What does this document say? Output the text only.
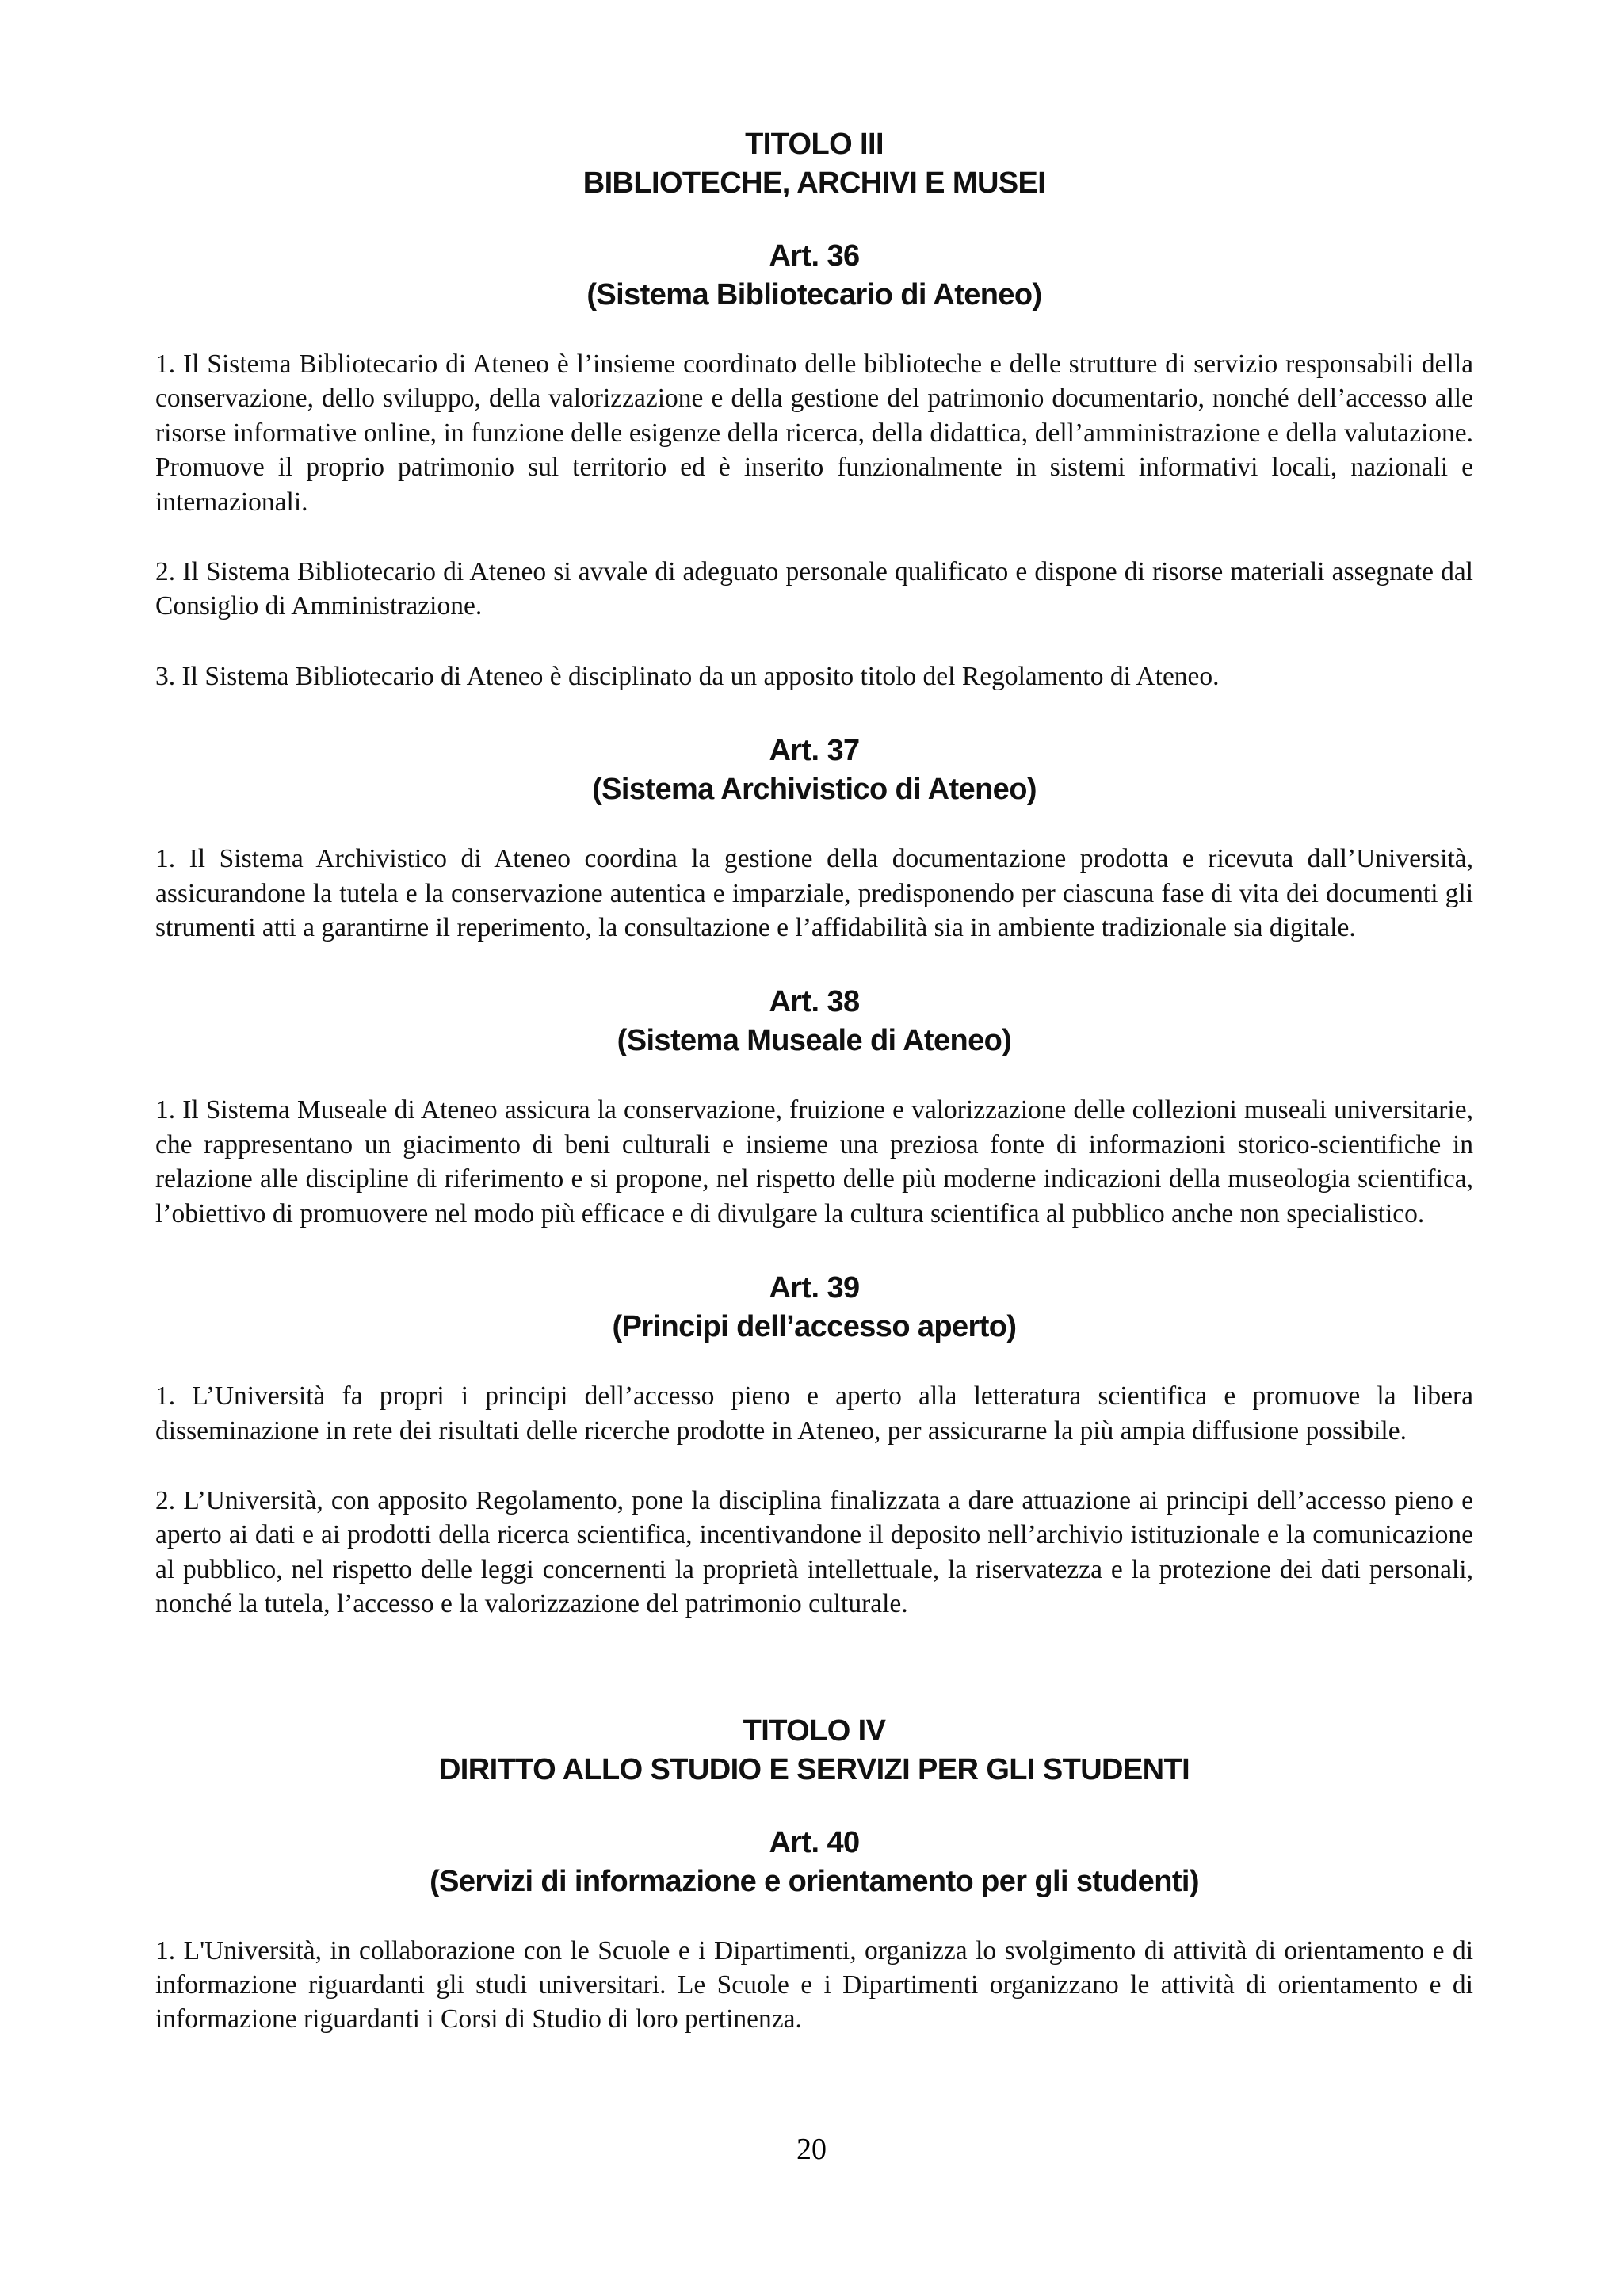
TITOLO III

BIBLIOTECHE, ARCHIVI E MUSEI

Art. 36

(Sistema Bibliotecario di Ateneo)

1. Il Sistema Bibliotecario di Ateneo è l’insieme coordinato delle biblioteche e delle strutture di servizio responsabili della conservazione, dello sviluppo, della valorizzazione e della gestione del patrimonio documentario, nonché dell’accesso alle risorse informative online, in funzione delle esigenze della ricerca, della didattica, dell’amministrazione e della valutazione. Promuove il proprio patrimonio sul territorio ed è inserito funzionalmente in sistemi informativi locali, nazionali e internazionali.

2. Il Sistema Bibliotecario di Ateneo si avvale di adeguato personale qualificato e dispone di risorse materiali assegnate dal Consiglio di Amministrazione.

3. Il Sistema Bibliotecario di Ateneo è disciplinato da un apposito titolo del Regolamento di Ateneo.

Art. 37

(Sistema Archivistico di Ateneo)

1. Il Sistema Archivistico di Ateneo coordina la gestione della documentazione prodotta e ricevuta dall’Università, assicurandone la tutela e la conservazione autentica e imparziale, predisponendo per ciascuna fase di vita dei documenti gli strumenti atti a garantirne il reperimento, la consultazione e l’affidabilità sia in ambiente tradizionale sia digitale.

Art. 38

(Sistema Museale di Ateneo)

1. Il Sistema Museale di Ateneo assicura la conservazione, fruizione e valorizzazione delle collezioni museali universitarie, che rappresentano un giacimento di beni culturali e insieme una preziosa fonte di informazioni storico-scientifiche in relazione alle discipline di riferimento e si propone, nel rispetto delle più moderne indicazioni della museologia scientifica, l’obiettivo di promuovere nel modo più efficace e di divulgare la cultura scientifica al pubblico anche non specialistico.

Art. 39

(Principi dell’accesso aperto)

1. L’Università fa propri i principi dell’accesso pieno e aperto alla letteratura scientifica e promuove la libera disseminazione in rete dei risultati delle ricerche prodotte in Ateneo, per assicurarne la più ampia diffusione possibile.

2. L’Università, con apposito Regolamento, pone la disciplina finalizzata a dare attuazione ai principi dell’accesso pieno e aperto ai dati e ai prodotti della ricerca scientifica, incentivandone il deposito nell’archivio istituzionale e la comunicazione al pubblico, nel rispetto delle leggi concernenti la proprietà intellettuale, la riservatezza e la protezione dei dati personali, nonché la tutela, l’accesso e la valorizzazione del patrimonio culturale.

TITOLO IV

DIRITTO ALLO STUDIO E SERVIZI PER GLI STUDENTI

Art. 40

(Servizi di informazione e orientamento per gli studenti)

1. L'Università, in collaborazione con le Scuole e i Dipartimenti, organizza lo svolgimento di attività di orientamento e di informazione riguardanti gli studi universitari. Le Scuole e i Dipartimenti organizzano le attività di orientamento e di informazione riguardanti i Corsi di Studio di loro pertinenza.

20
